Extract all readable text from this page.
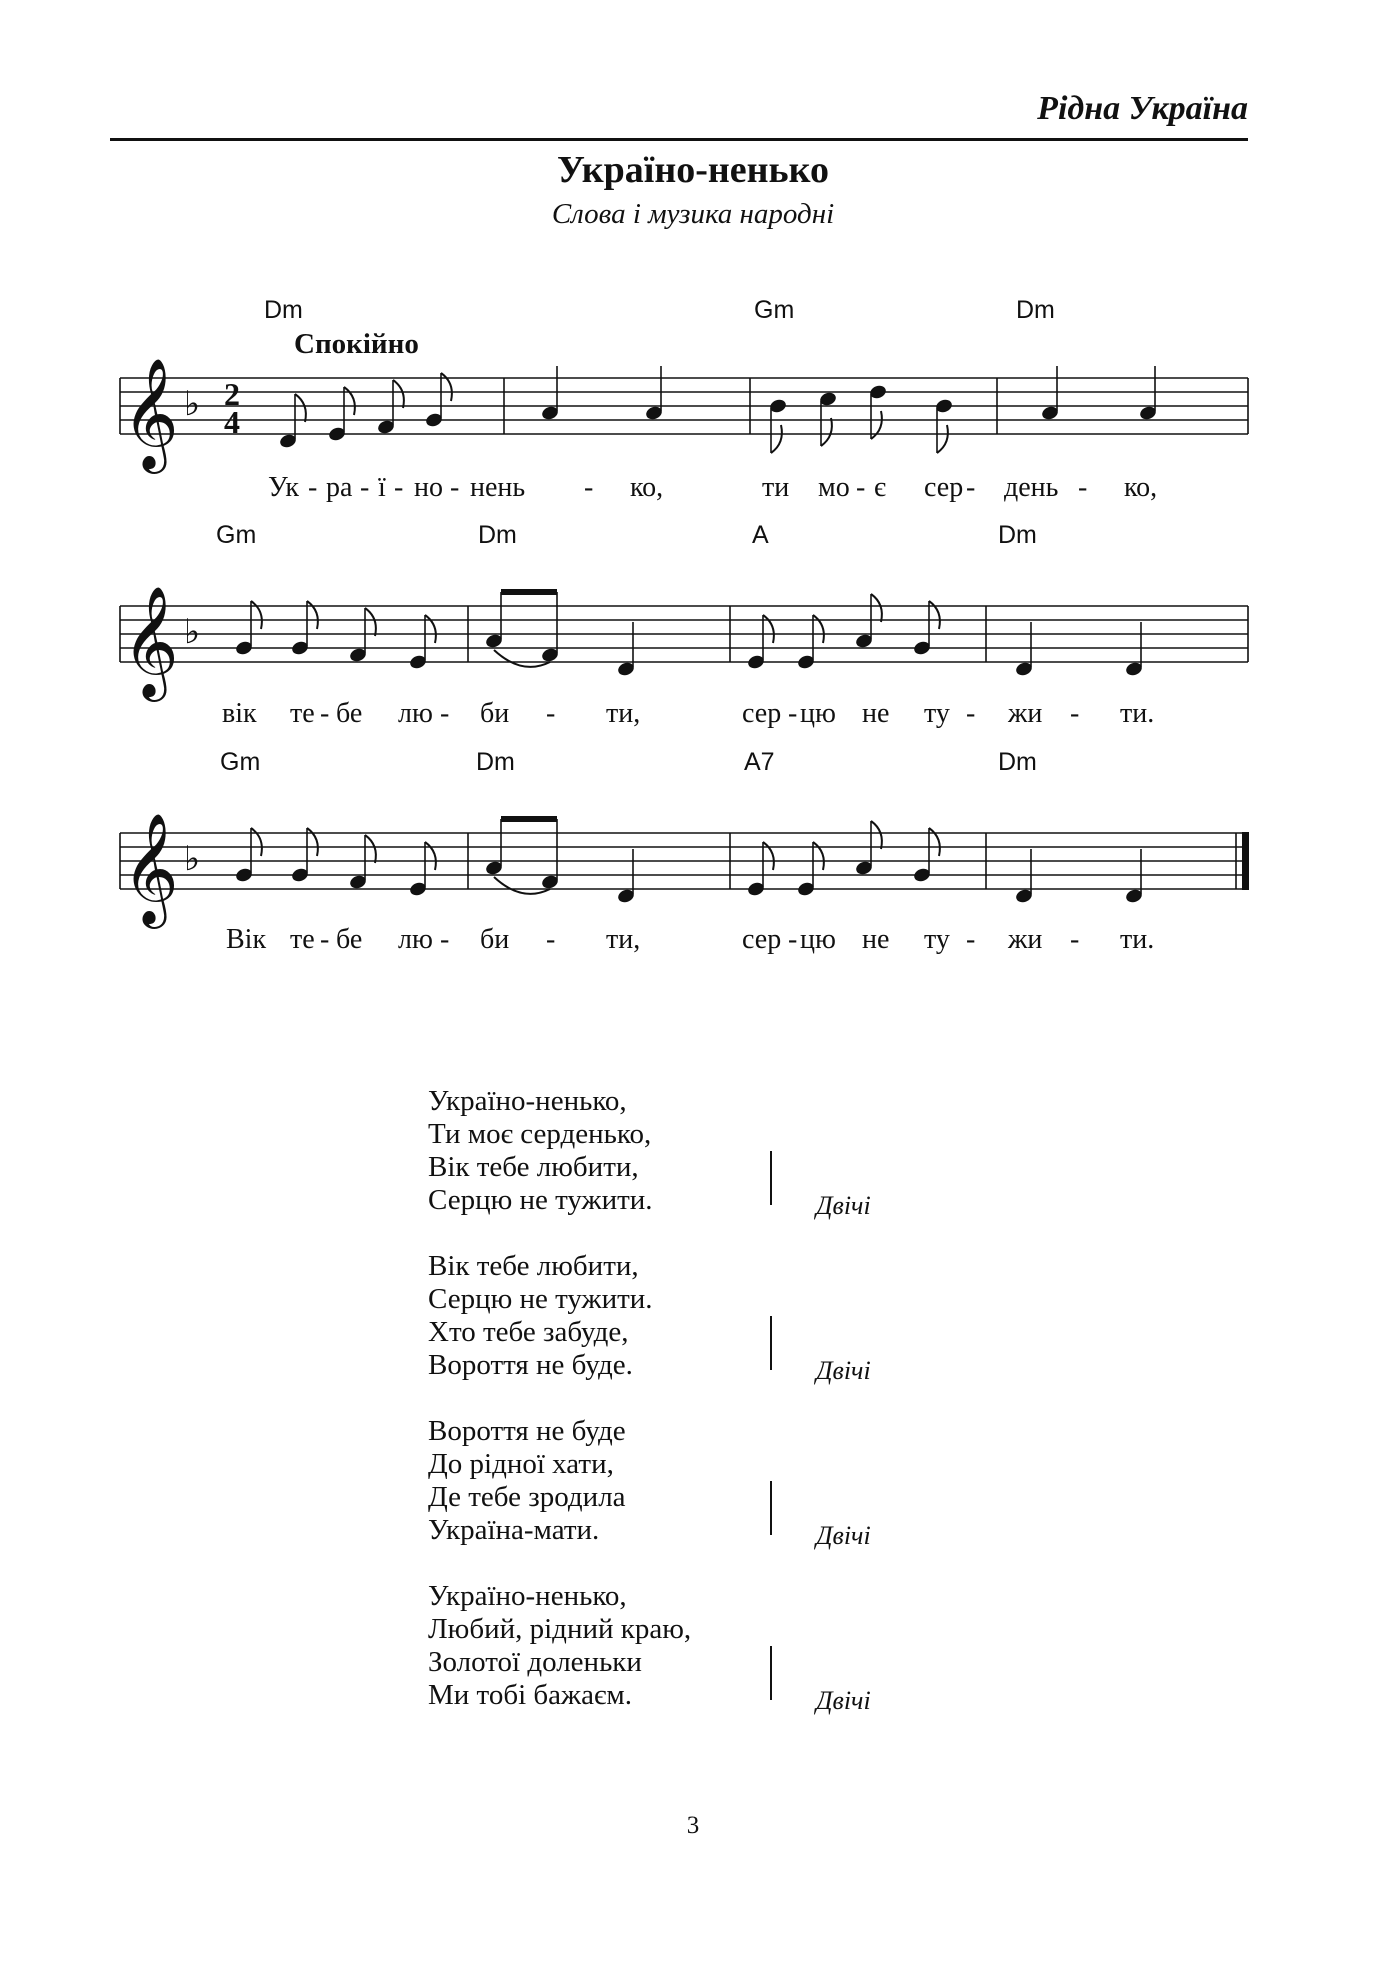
Рідна Україна
Україно-ненько
Слова і музика народні
Спокійно
Dm	Gm	Dm
𝄞 ♭ 2
4
Ук - ра - ї - но - нень - ко,	ти мо - є сер - день - ко,
Gm	Dm	A	Dm
𝄞 ♭
вік те - бе лю - би - ти,	сер - цю не ту - жи - ти.
Gm	Dm	A7	Dm
𝄞 ♭
Вік те - бе лю - би - ти,	сер - цю не ту - жи - ти.
Україно-ненько,
Ти моє серденько,
Вік тебе любити,
Серцю не тужити.	Двічі
Вік тебе любити,
Серцю не тужити.
Хто тебе забуде,
Вороття не буде.	Двічі
Вороття не буде
До рідної хати,
Де тебе зродила
Україна-мати.	Двічі
Україно-ненько,
Любий, рідний краю,
Золотої доленьки
Ми тобі бажаєм.	Двічі
3
